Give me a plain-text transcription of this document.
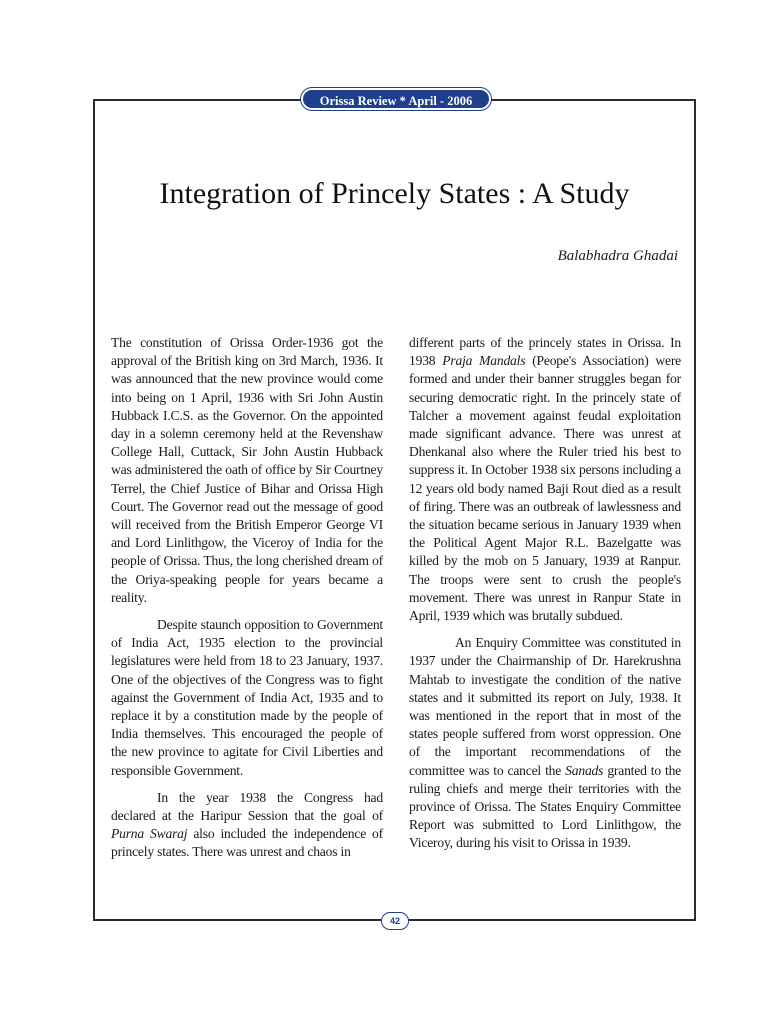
Orissa Review * April - 2006
Integration of Princely States : A Study

Balabhadra Ghadai

The constitution of Orissa Order-1936 got the approval of the British king on 3rd March, 1936. It was announced that the new province would come into being on 1 April, 1936 with Sri John Austin Hubback I.C.S. as the Governor. On the appointed day in a solemn ceremony held at the Revenshaw College Hall, Cuttack, Sir John Austin Hubback was administered the oath of office by Sir Courtney Terrel, the Chief Justice of Bihar and Orissa High Court. The Governor read out the message of good will received from the British Emperor George VI and Lord Linlithgow, the Viceroy of India for the people of Orissa. Thus, the long cherished dream of the Oriya-speaking people for years became a reality.

Despite staunch opposition to Government of India Act, 1935 election to the provincial legislatures were held from 18 to 23 January, 1937. One of the objectives of the Congress was to fight against the Government of India Act, 1935 and to replace it by a constitution made by the people of India themselves. This encouraged the people of the new province to agitate for Civil Liberties and responsible Government.

In the year 1938 the Congress had declared at the Haripur Session that the goal of Purna Swaraj also included the independence of princely states. There was unrest and chaos in

different parts of the princely states in Orissa. In 1938 Praja Mandals (Peope's Association) were formed and under their banner struggles began for securing democratic right. In the princely state of Talcher a movement against feudal exploitation made significant advance. There was unrest at Dhenkanal also where the Ruler tried his best to suppress it. In October 1938 six persons including a 12 years old body named Baji Rout died as a result of firing. There was an outbreak of lawlessness and the situation became serious in January 1939 when the Political Agent Major R.L. Bazelgatte was killed by the mob on 5 January, 1939 at Ranpur. The troops were sent to crush the people's movement. There was unrest in Ranpur State in April, 1939 which was brutally subdued.

An Enquiry Committee was constituted in 1937 under the Chairmanship of Dr. Harekrushna Mahtab to investigate the condition of the native states and it submitted its report on July, 1938. It was mentioned in the report that in most of the states people suffered from worst oppression. One of the important recommendations of the committee was to cancel the Sanads granted to the ruling chiefs and merge their territories with the province of Orissa. The States Enquiry Committee Report was submitted to Lord Linlithgow, the Viceroy, during his visit to Orissa in 1939.

42
